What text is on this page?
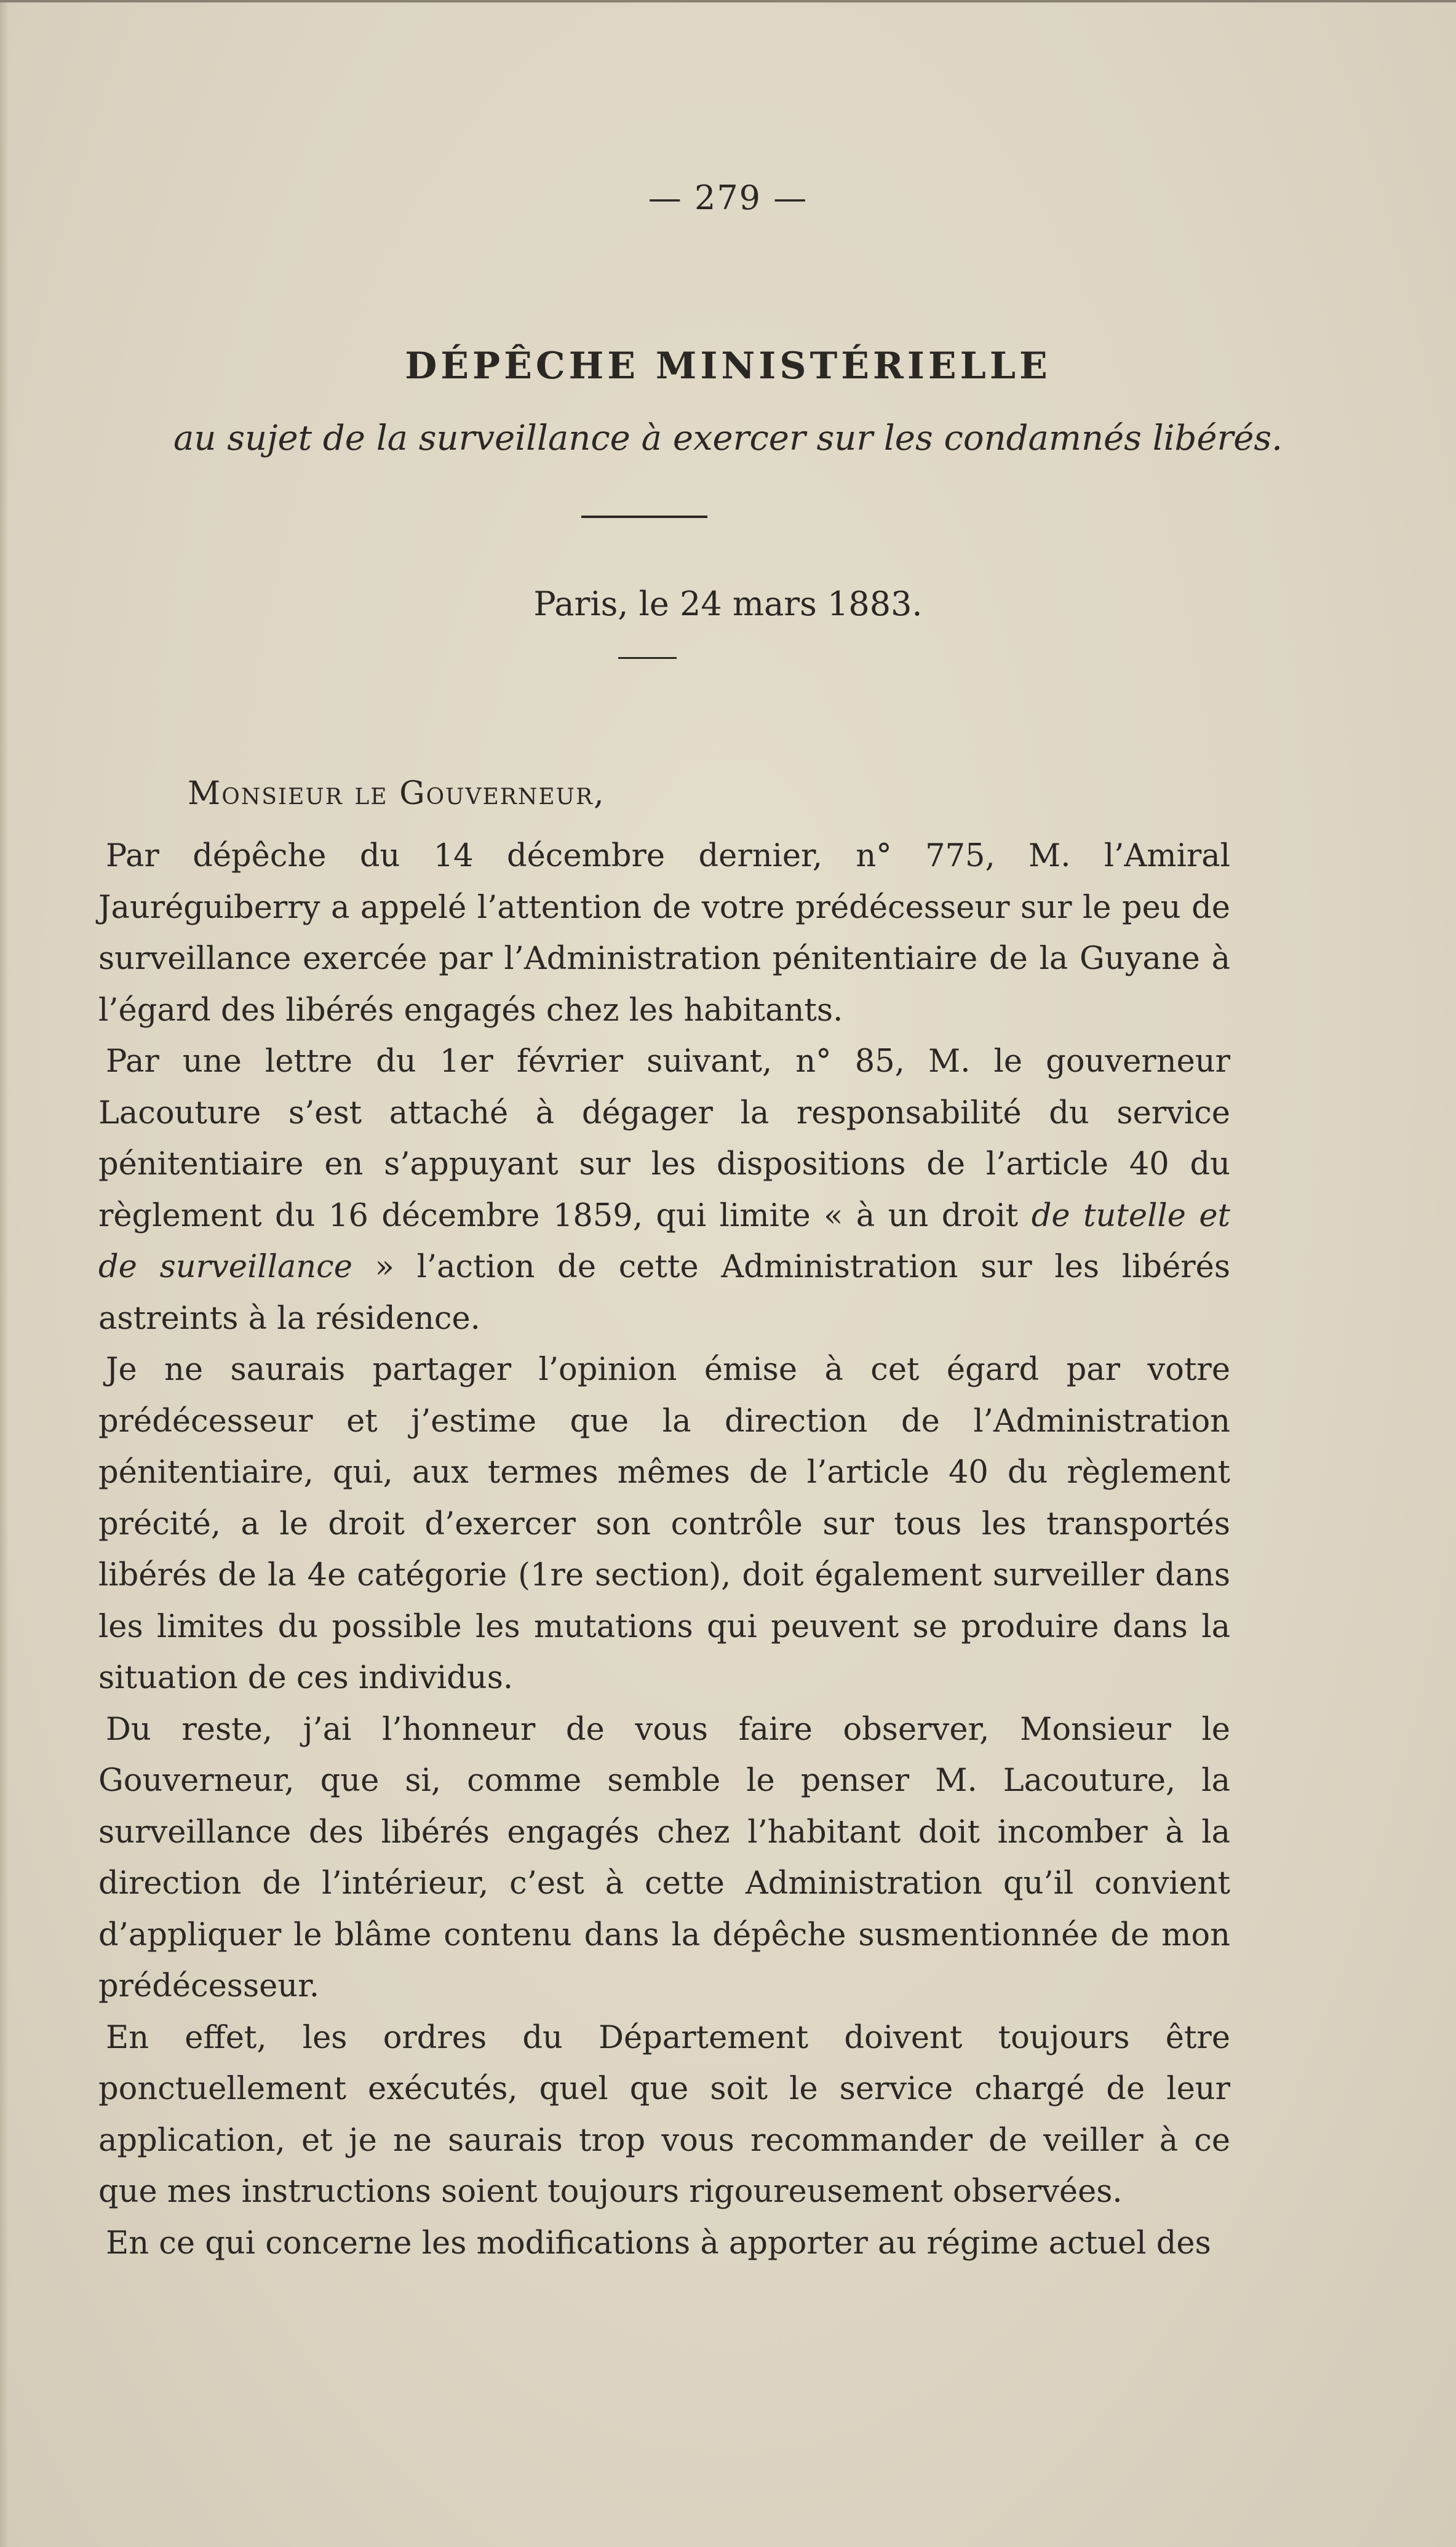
— 279 —
DÉPÊCHE MINISTÉRIELLE
au sujet de la surveillance à exercer sur les condamnés libérés.
Paris, le 24 mars 1883.
Monsieur le Gouverneur,

Par dépêche du 14 décembre dernier, n° 775, M. l’Amiral Jauréguiberry a appelé l’attention de votre prédécesseur sur le peu de surveillance exercée par l’Administration pénitentiaire de la Guyane à l’égard des libérés engagés chez les habitants.

Par une lettre du 1er février suivant, n° 85, M. le gouverneur Lacouture s’est attaché à dégager la responsabilité du service pénitentiaire en s’appuyant sur les dispositions de l’article 40 du règlement du 16 décembre 1859, qui limite « à un droit de tutelle et de surveillance » l’action de cette Administration sur les libérés astreints à la résidence.

Je ne saurais partager l’opinion émise à cet égard par votre prédécesseur et j’estime que la direction de l’Administration pénitentiaire, qui, aux termes mêmes de l’article 40 du règlement précité, a le droit d’exercer son contrôle sur tous les transportés libérés de la 4e catégorie (1re section), doit également surveiller dans les limites du possible les mutations qui peuvent se produire dans la situation de ces individus.

Du reste, j’ai l’honneur de vous faire observer, Monsieur le Gouverneur, que si, comme semble le penser M. Lacouture, la surveillance des libérés engagés chez l’habitant doit incomber à la direction de l’intérieur, c’est à cette Administration qu’il convient d’appliquer le blâme contenu dans la dépêche susmentionnée de mon prédécesseur.

En effet, les ordres du Département doivent toujours être ponctuellement exécutés, quel que soit le service chargé de leur application, et je ne saurais trop vous recommander de veiller à ce que mes instructions soient toujours rigoureusement observées.

En ce qui concerne les modifications à apporter au régime actuel des
